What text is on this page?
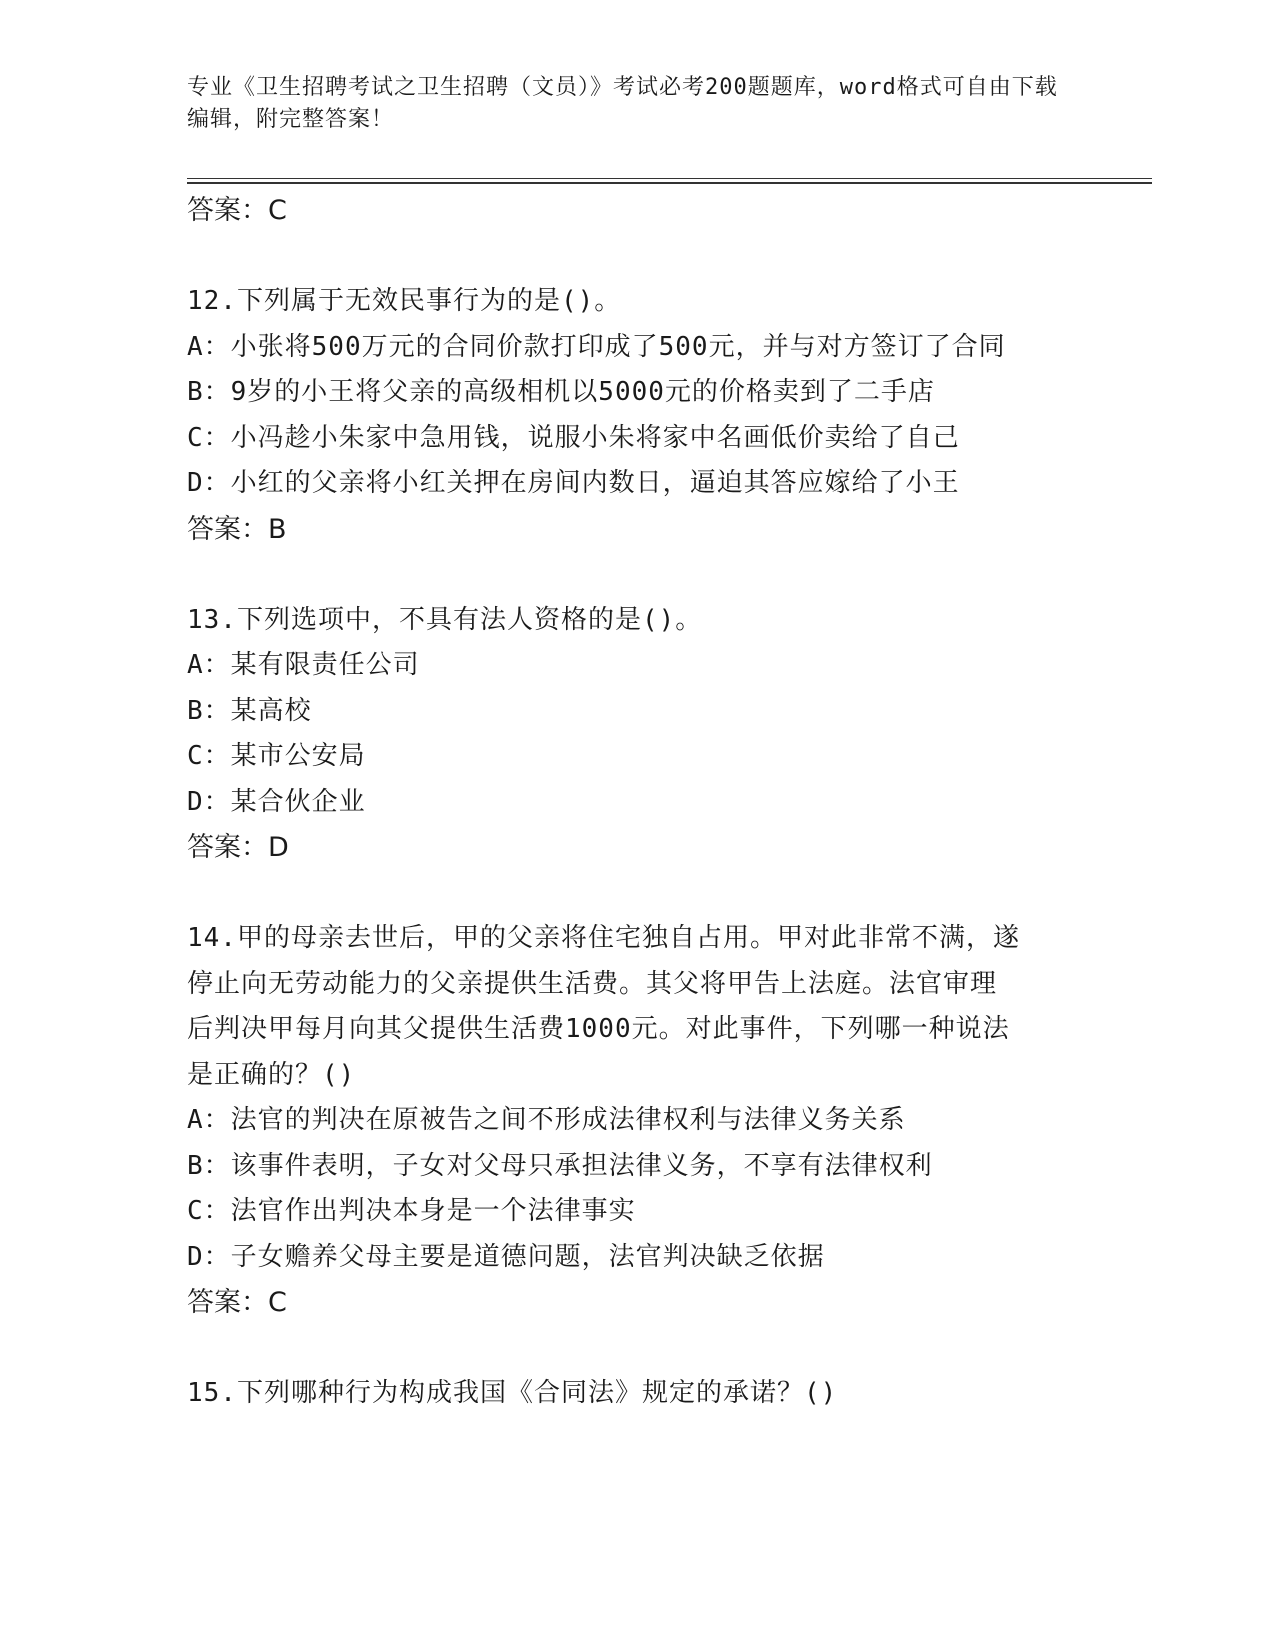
专业《卫生招聘考试之卫生招聘（文员）》考试必考200题题库，word格式可自由下载编辑，附完整答案！
答案：C
12.下列属于无效民事行为的是()。
A：小张将500万元的合同价款打印成了500元，并与对方签订了合同
B：9岁的小王将父亲的高级相机以5000元的价格卖到了二手店
C：小冯趁小朱家中急用钱，说服小朱将家中名画低价卖给了自己
D：小红的父亲将小红关押在房间内数日，逼迫其答应嫁给了小王
答案：B
13.下列选项中，不具有法人资格的是()。
A：某有限责任公司
B：某高校
C：某市公安局
D：某合伙企业
答案：D
14.甲的母亲去世后，甲的父亲将住宅独自占用。甲对此非常不满，遂
停止向无劳动能力的父亲提供生活费。其父将甲告上法庭。法官审理
后判决甲每月向其父提供生活费1000元。对此事件，下列哪一种说法
是正确的？()
A：法官的判决在原被告之间不形成法律权利与法律义务关系
B：该事件表明，子女对父母只承担法律义务，不享有法律权利
C：法官作出判决本身是一个法律事实
D：子女赡养父母主要是道德问题，法官判决缺乏依据
答案：C
15.下列哪种行为构成我国《合同法》规定的承诺？()
